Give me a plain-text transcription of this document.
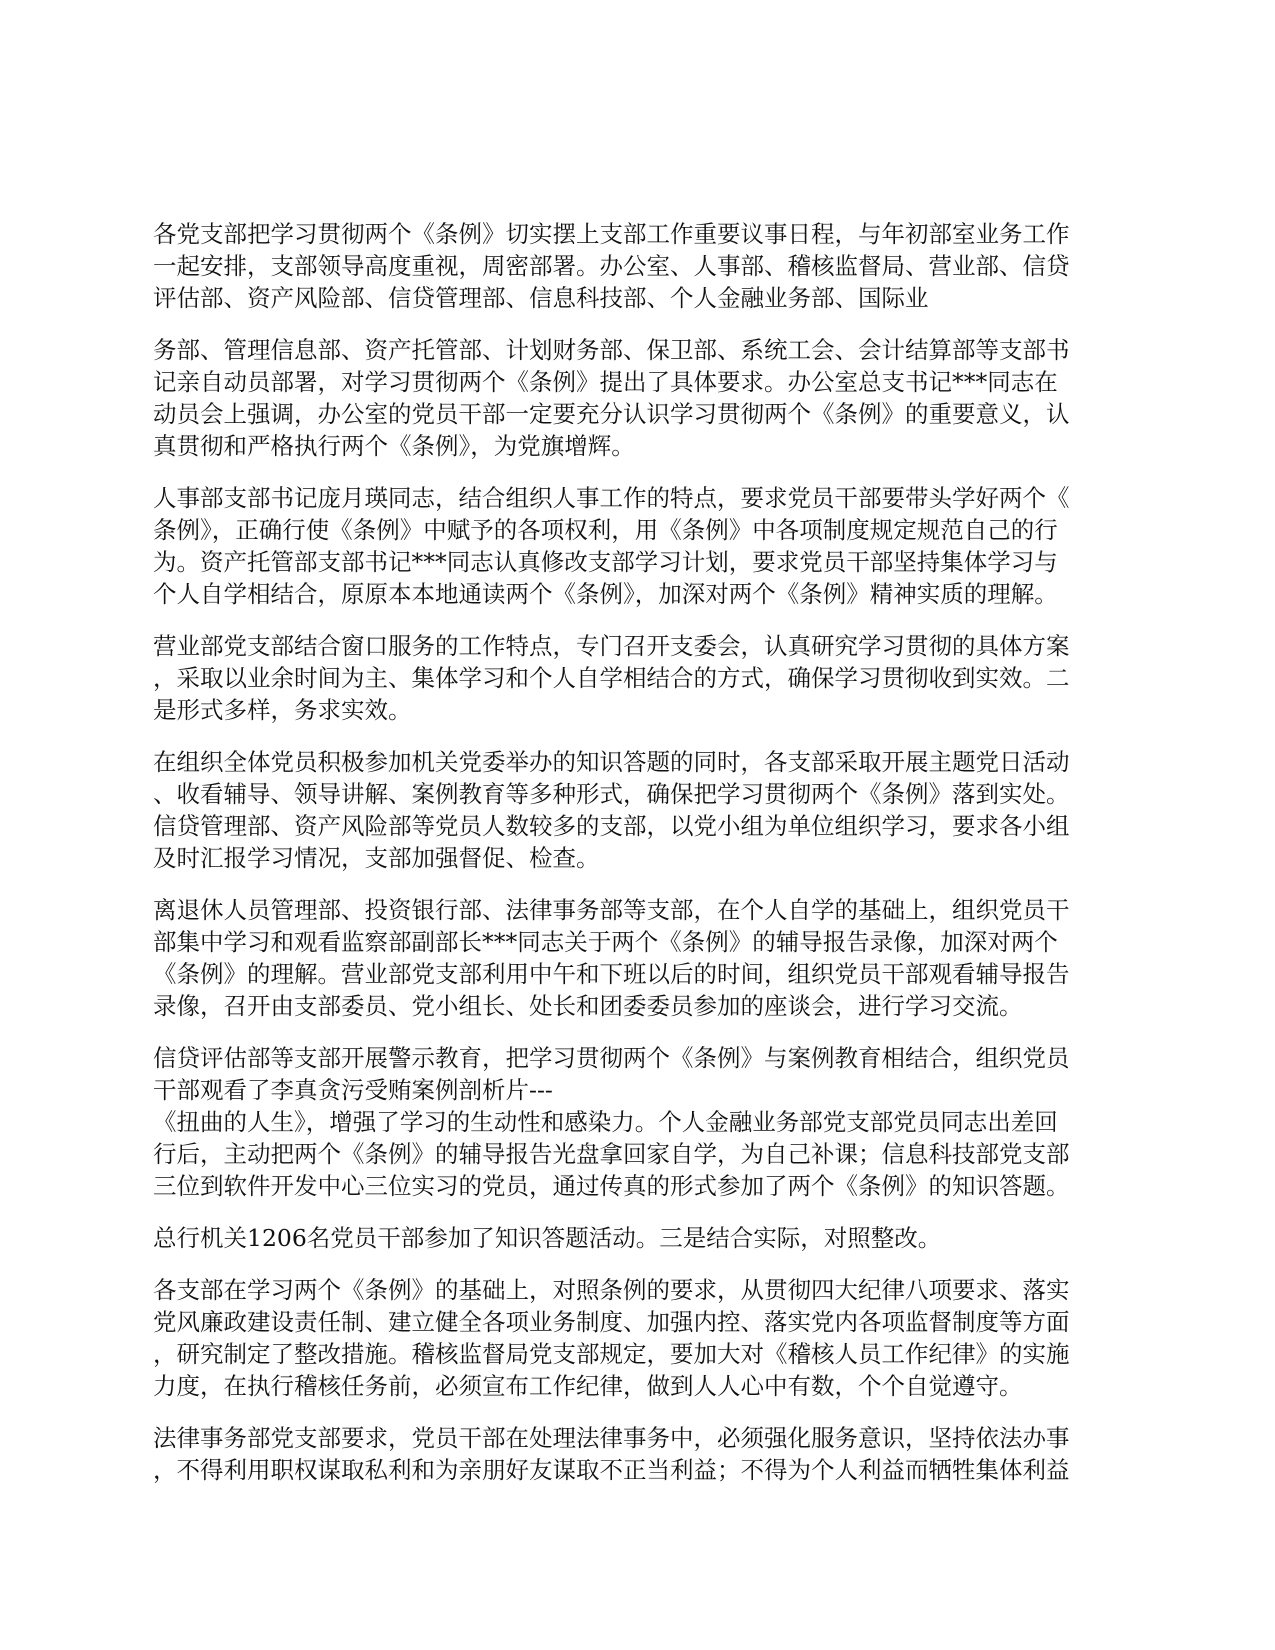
各党支部把学习贯彻两个《条例》切实摆上支部工作重要议事日程，与年初部室业务工作
一起安排，支部领导高度重视，周密部署。办公室、人事部、稽核监督局、营业部、信贷
评估部、资产风险部、信贷管理部、信息科技部、个人金融业务部、国际业

务部、管理信息部、资产托管部、计划财务部、保卫部、系统工会、会计结算部等支部书
记亲自动员部署，对学习贯彻两个《条例》提出了具体要求。办公室总支书记***同志在
动员会上强调，办公室的党员干部一定要充分认识学习贯彻两个《条例》的重要意义，认
真贯彻和严格执行两个《条例》，为党旗增辉。

人事部支部书记庞月瑛同志，结合组织人事工作的特点，要求党员干部要带头学好两个《
条例》，正确行使《条例》中赋予的各项权利，用《条例》中各项制度规定规范自己的行
为。资产托管部支部书记***同志认真修改支部学习计划，要求党员干部坚持集体学习与
个人自学相结合，原原本本地通读两个《条例》，加深对两个《条例》精神实质的理解。

营业部党支部结合窗口服务的工作特点，专门召开支委会，认真研究学习贯彻的具体方案
，采取以业余时间为主、集体学习和个人自学相结合的方式，确保学习贯彻收到实效。二
是形式多样，务求实效。

在组织全体党员积极参加机关党委举办的知识答题的同时，各支部采取开展主题党日活动
、收看辅导、领导讲解、案例教育等多种形式，确保把学习贯彻两个《条例》落到实处。
信贷管理部、资产风险部等党员人数较多的支部，以党小组为单位组织学习，要求各小组
及时汇报学习情况，支部加强督促、检查。

离退休人员管理部、投资银行部、法律事务部等支部，在个人自学的基础上，组织党员干
部集中学习和观看监察部副部长***同志关于两个《条例》的辅导报告录像，加深对两个
《条例》的理解。营业部党支部利用中午和下班以后的时间，组织党员干部观看辅导报告
录像，召开由支部委员、党小组长、处长和团委委员参加的座谈会，进行学习交流。

信贷评估部等支部开展警示教育，把学习贯彻两个《条例》与案例教育相结合，组织党员
干部观看了李真贪污受贿案例剖析片---
《扭曲的人生》，增强了学习的生动性和感染力。个人金融业务部党支部党员同志出差回
行后，主动把两个《条例》的辅导报告光盘拿回家自学，为自己补课；信息科技部党支部
三位到软件开发中心三位实习的党员，通过传真的形式参加了两个《条例》的知识答题。

总行机关1206名党员干部参加了知识答题活动。三是结合实际，对照整改。

各支部在学习两个《条例》的基础上，对照条例的要求，从贯彻四大纪律八项要求、落实
党风廉政建设责任制、建立健全各项业务制度、加强内控、落实党内各项监督制度等方面
，研究制定了整改措施。稽核监督局党支部规定，要加大对《稽核人员工作纪律》的实施
力度，在执行稽核任务前，必须宣布工作纪律，做到人人心中有数，个个自觉遵守。

法律事务部党支部要求，党员干部在处理法律事务中，必须强化服务意识，坚持依法办事
，不得利用职权谋取私利和为亲朋好友谋取不正当利益；不得为个人利益而牺牲集体利益
